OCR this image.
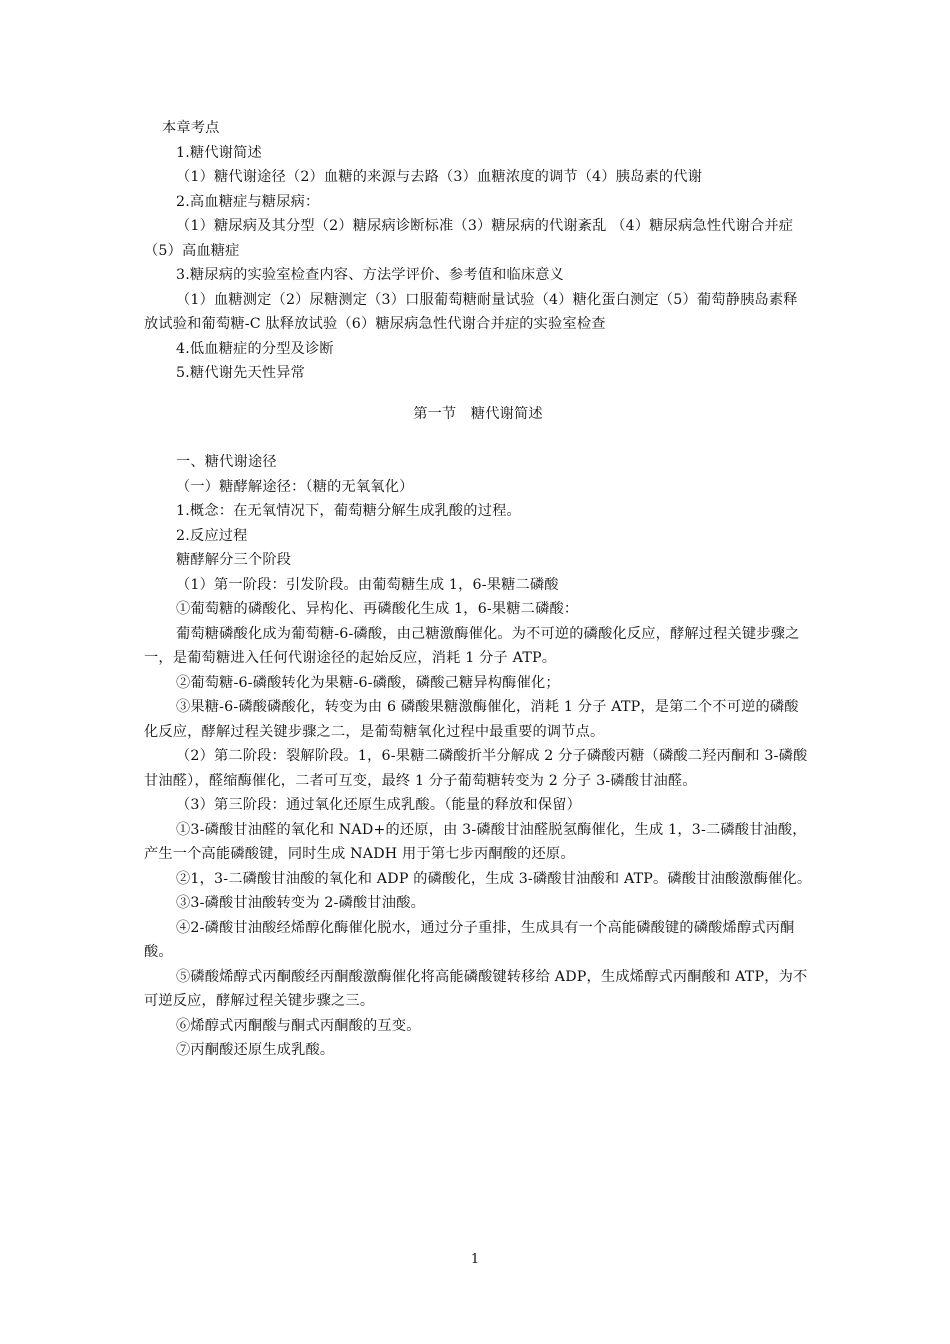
本章考点

1.糖代谢简述

（1）糖代谢途径（2）血糖的来源与去路（3）血糖浓度的调节（4）胰岛素的代谢

2.高血糖症与糖尿病：

（1）糖尿病及其分型（2）糖尿病诊断标准（3）糖尿病的代谢紊乱 （4）糖尿病急性代谢合并症 （5）高血糖症

3.糖尿病的实验室检查内容、方法学评价、参考值和临床意义

（1）血糖测定（2）尿糖测定（3）口服葡萄糖耐量试验（4）糖化蛋白测定（5）葡萄静胰岛素释放试验和葡萄糖-C 肽释放试验（6）糖尿病急性代谢合并症的实验室检查

4.低血糖症的分型及诊断

5.糖代谢先天性异常

第一节　糖代谢简述

一、糖代谢途径

（一）糖酵解途径：（糖的无氧氧化）

1.概念：在无氧情况下，葡萄糖分解生成乳酸的过程。

2.反应过程

糖酵解分三个阶段

（1）第一阶段：引发阶段。由葡萄糖生成 1，6-果糖二磷酸

①葡萄糖的磷酸化、异构化、再磷酸化生成 1，6-果糖二磷酸：

葡萄糖磷酸化成为葡萄糖-6-磷酸，由己糖激酶催化。为不可逆的磷酸化反应，酵解过程关键步骤之一，是葡萄糖进入任何代谢途径的起始反应，消耗 1 分子 ATP。

②葡萄糖-6-磷酸转化为果糖-6-磷酸，磷酸己糖异构酶催化；

③果糖-6-磷酸磷酸化，转变为由 6 磷酸果糖激酶催化，消耗 1 分子 ATP，是第二个不可逆的磷酸化反应，酵解过程关键步骤之二，是葡萄糖氧化过程中最重要的调节点。

（2）第二阶段：裂解阶段。1，6-果糖二磷酸折半分解成 2 分子磷酸丙糖（磷酸二羟丙酮和 3-磷酸甘油醛），醛缩酶催化，二者可互变，最终 1 分子葡萄糖转变为 2 分子 3-磷酸甘油醛。

（3）第三阶段：通过氧化还原生成乳酸。（能量的释放和保留）

①3-磷酸甘油醛的氧化和 NAD+的还原，由 3-磷酸甘油醛脱氢酶催化，生成 1，3-二磷酸甘油酸，产生一个高能磷酸键，同时生成 NADH 用于第七步丙酮酸的还原。

②1，3-二磷酸甘油酸的氧化和 ADP 的磷酸化，生成 3-磷酸甘油酸和 ATP。磷酸甘油酸激酶催化。

③3-磷酸甘油酸转变为 2-磷酸甘油酸。

④2-磷酸甘油酸经烯醇化酶催化脱水，通过分子重排，生成具有一个高能磷酸键的磷酸烯醇式丙酮酸。

⑤磷酸烯醇式丙酮酸经丙酮酸激酶催化将高能磷酸键转移给 ADP，生成烯醇式丙酮酸和 ATP，为不可逆反应，酵解过程关键步骤之三。

⑥烯醇式丙酮酸与酮式丙酮酸的互变。

⑦丙酮酸还原生成乳酸。

1
